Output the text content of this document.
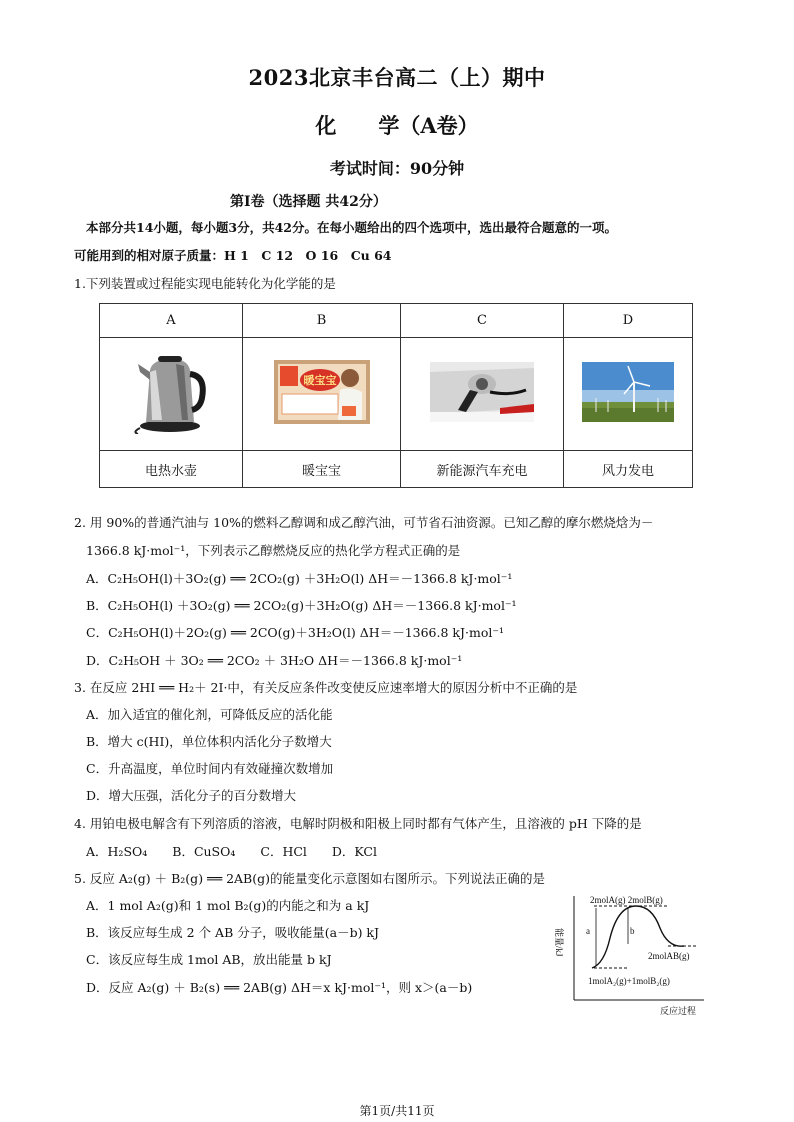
2023北京丰台高二（上）期中
化　　学（A卷）
考试时间：90分钟
第Ⅰ卷（选择题 共42分）
本部分共14小题，每小题3分，共42分。在每小题给出的四个选项中，选出最符合题意的一项。
可能用到的相对原子质量：H 1　C 12　O 16　Cu 64
1.下列装置或过程能实现电能转化为化学能的是
A	B	C	D

暖宝宝

电热水壶	暖宝宝	新能源汽车充电	风力发电
2. 用 90%的普通汽油与 10%的燃料乙醇调和成乙醇汽油，可节省石油资源。已知乙醇的摩尔燃烧焓为－
1366.8 kJ·mol⁻¹，下列表示乙醇燃烧反应的热化学方程式正确的是
A．C₂H₅OH(l)＋3O₂(g) ══ 2CO₂(g) ＋3H₂O(l) ΔH＝－1366.8 kJ·mol⁻¹
B．C₂H₅OH(l) ＋3O₂(g) ══ 2CO₂(g)＋3H₂O(g) ΔH＝－1366.8 kJ·mol⁻¹
C．C₂H₅OH(l)＋2O₂(g) ══ 2CO(g)＋3H₂O(l) ΔH＝－1366.8 kJ·mol⁻¹
D．C₂H₅OH ＋ 3O₂ ══ 2CO₂ ＋ 3H₂O ΔH＝－1366.8 kJ·mol⁻¹
3. 在反应 2HI ══ H₂＋ 2I·中，有关反应条件改变使反应速率增大的原因分析中不正确的是
A．加入适宜的催化剂，可降低反应的活化能
B．增大 c(HI)，单位体积内活化分子数增大
C．升高温度，单位时间内有效碰撞次数增加
D．增大压强，活化分子的百分数增大
4. 用铂电极电解含有下列溶质的溶液，电解时阴极和阳极上同时都有气体产生，且溶液的 pH 下降的是
A．H₂SO₄　　B．CuSO₄　　C．HCl　　D．KCl
5. 反应 A₂(g) ＋ B₂(g) ══ 2AB(g)的能量变化示意图如右图所示。下列说法正确的是
A．1 mol A₂(g)和 1 mol B₂(g)的内能之和为 a kJ
B．该反应每生成 2 个 AB 分子，吸收能量(a－b) kJ
C．该反应每生成 1mol AB，放出能量 b kJ
D．反应 A₂(g) ＋ B₂(s) ══ 2AB(g) ΔH＝x kJ·mol⁻¹，则 x＞(a－b)
能量/kJ
反应过程
2molA(g) 2molB(g)
a	b
2molAB(g)
1molA₂(g)+1molB₂(g)
第1页/共11页
